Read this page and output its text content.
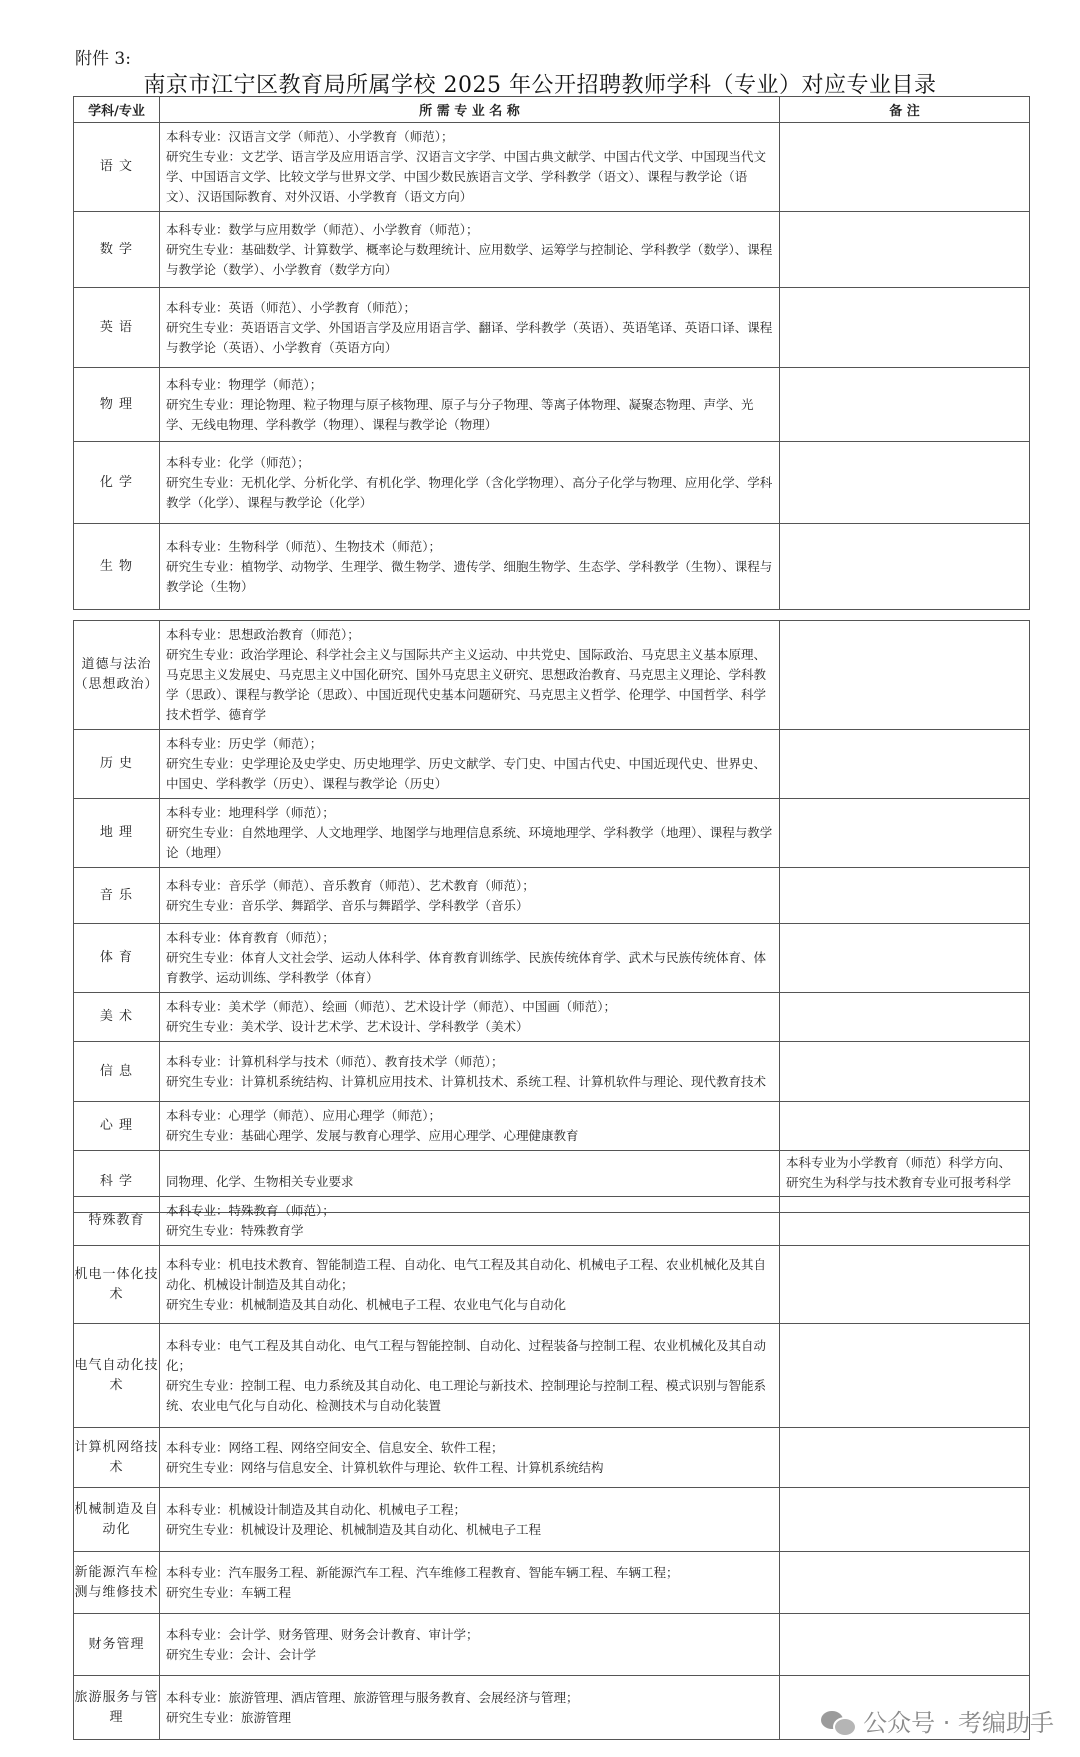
附件 3:
南京市江宁区教育局所属学校 2025 年公开招聘教师学科（专业）对应专业目录
学科/专业	所 需 专 业 名 称	备 注
语 文	本科专业：汉语言文学（师范）、小学教育（师范）；
研究生专业：文艺学、语言学及应用语言学、汉语言文字学、中国古典文献学、中国古代文学、中国现当代文学、中国语言文学、比较文学与世界文学、中国少数民族语言文学、学科教学（语文）、课程与教学论（语文）、汉语国际教育、对外汉语、小学教育（语文方向）	

数 学	本科专业：数学与应用数学（师范）、小学教育（师范）；
研究生专业：基础数学、计算数学、概率论与数理统计、应用数学、运筹学与控制论、学科教学（数学）、课程与教学论（数学）、小学教育（数学方向）	

英 语	本科专业：英语（师范）、小学教育（师范）；
研究生专业：英语语言文学、外国语言学及应用语言学、翻译、学科教学（英语）、英语笔译、英语口译、课程与教学论（英语）、小学教育（英语方向）	

物 理	本科专业：物理学（师范）；
研究生专业：理论物理、粒子物理与原子核物理、原子与分子物理、等离子体物理、凝聚态物理、声学、光学、无线电物理、学科教学（物理）、课程与教学论（物理）	

化 学	本科专业：化学（师范）；
研究生专业：无机化学、分析化学、有机化学、物理化学（含化学物理）、高分子化学与物理、应用化学、学科教学（化学）、课程与教学论（化学）	

生 物	本科专业：生物科学（师范）、生物技术（师范）；
研究生专业：植物学、动物学、生理学、微生物学、遗传学、细胞生物学、生态学、学科教学（生物）、课程与教学论（生物）	

道德与法治（思想政治）	本科专业：思想政治教育（师范）；
研究生专业：政治学理论、科学社会主义与国际共产主义运动、中共党史、国际政治、马克思主义基本原理、马克思主义发展史、马克思主义中国化研究、国外马克思主义研究、思想政治教育、马克思主义理论、学科教学（思政）、课程与教学论（思政）、中国近现代史基本问题研究、马克思主义哲学、伦理学、中国哲学、科学技术哲学、德育学	

历 史	本科专业：历史学（师范）；
研究生专业：史学理论及史学史、历史地理学、历史文献学、专门史、中国古代史、中国近现代史、世界史、中国史、学科教学（历史）、课程与教学论（历史）	

地 理	本科专业：地理科学（师范）；
研究生专业：自然地理学、人文地理学、地图学与地理信息系统、环境地理学、学科教学（地理）、课程与教学论（地理）	

音 乐	本科专业：音乐学（师范）、音乐教育（师范）、艺术教育（师范）；
研究生专业：音乐学、舞蹈学、音乐与舞蹈学、学科教学（音乐）	

体 育	本科专业：体育教育（师范）；
研究生专业：体育人文社会学、运动人体科学、体育教育训练学、民族传统体育学、武术与民族传统体育、体育教学、运动训练、学科教学（体育）	

美 术	本科专业：美术学（师范）、绘画（师范）、艺术设计学（师范）、中国画（师范）；
研究生专业：美术学、设计艺术学、艺术设计、学科教学（美术）	

信 息	本科专业：计算机科学与技术（师范）、教育技术学（师范）；
研究生专业：计算机系统结构、计算机应用技术、计算机技术、系统工程、计算机软件与理论、现代教育技术	

心 理	本科专业：心理学（师范）、应用心理学（师范）；
研究生专业：基础心理学、发展与教育心理学、应用心理学、心理健康教育	

科 学	同物理、化学、生物相关专业要求	本科专业为小学教育（师范）科学方向、研究生为科学与技术教育专业可报考科学
特殊教育	本科专业：特殊教育（师范）；
研究生专业：特殊教育学	

机电一体化技术	本科专业：机电技术教育、智能制造工程、自动化、电气工程及其自动化、机械电子工程、农业机械化及其自动化、机械设计制造及其自动化；
研究生专业：机械制造及其自动化、机械电子工程、农业电气化与自动化	

电气自动化技术	本科专业：电气工程及其自动化、电气工程与智能控制、自动化、过程装备与控制工程、农业机械化及其自动化；
研究生专业：控制工程、电力系统及其自动化、电工理论与新技术、控制理论与控制工程、模式识别与智能系统、农业电气化与自动化、检测技术与自动化装置	

计算机网络技术	本科专业：网络工程、网络空间安全、信息安全、软件工程；
研究生专业：网络与信息安全、计算机软件与理论、软件工程、计算机系统结构	

机械制造及自动化	本科专业：机械设计制造及其自动化、机械电子工程；
研究生专业：机械设计及理论、机械制造及其自动化、机械电子工程	

新能源汽车检测与维修技术	本科专业：汽车服务工程、新能源汽车工程、汽车维修工程教育、智能车辆工程、车辆工程；
研究生专业：车辆工程	

财务管理	本科专业：会计学、财务管理、财务会计教育、审计学；
研究生专业：会计、会计学	

旅游服务与管理	本科专业：旅游管理、酒店管理、旅游管理与服务教育、会展经济与管理；
研究生专业：旅游管理	
		公众号 · 考编助手
